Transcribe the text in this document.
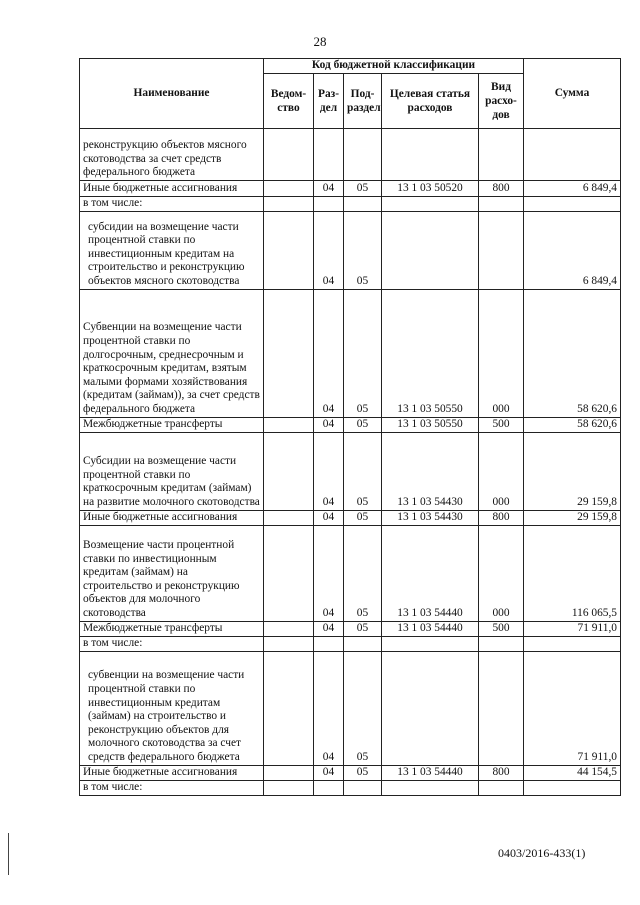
28
Наименование	Код бюджетной классификации					Сумма
	Ведом-ство	Раз-дел	Под-раздел	Целевая статья расходов	Вид расхо-дов	
реконструкцию объектов мясного скотоводства за счет средств федерального бюджета						
Иные бюджетные ассигнования		04	05	13 1 03 50520	800	6 849,4
в том числе:						
субсидии на возмещение части процентной ставки по инвестиционным кредитам на строительство и реконструкцию объектов мясного скотоводства		04	05			6 849,4
Субвенции на возмещение части процентной ставки по долгосрочным, среднесрочным и краткосрочным кредитам, взятым малыми формами хозяйствования (кредитам (займам)), за счет средств федерального бюджета		04	05	13 1 03 50550	000	58 620,6
Межбюджетные трансферты		04	05	13 1 03 50550	500	58 620,6
Субсидии на возмещение части процентной ставки по краткосрочным кредитам (займам) на развитие молочного скотоводства		04	05	13 1 03 54430	000	29 159,8
Иные бюджетные ассигнования		04	05	13 1 03 54430	800	29 159,8
Возмещение части процентной ставки по инвестиционным кредитам (займам) на строительство и реконструкцию объектов для молочного скотоводства		04	05	13 1 03 54440	000	116 065,5
Межбюджетные трансферты		04	05	13 1 03 54440	500	71 911,0
в том числе:						
субвенции на возмещение части процентной ставки по инвестиционным кредитам (займам) на строительство и реконструкцию объектов для молочного скотоводства за счет средств федерального бюджета		04	05			71 911,0
Иные бюджетные ассигнования		04	05	13 1 03 54440	800	44 154,5
в том числе:						
0403/2016-433(1)
